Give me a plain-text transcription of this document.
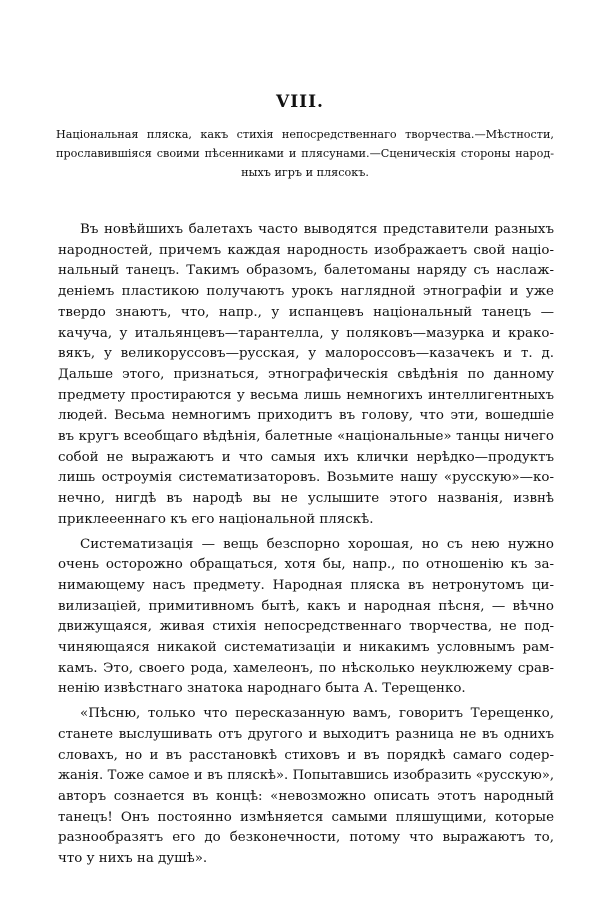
VIII.
Національная пляска, какъ стихія непосредственнаго творчества.—Мѣстности,
прославившіяся своими пѣсенниками и плясунами.—Сценическія стороны народ-
ныхъ игръ и плясокъ.
Въ новѣйшихъ балетахъ часто выводятся представители разныхъ
народностей, причемъ каждая народность изображаетъ свой нацio-
нальный танецъ. Такимъ образомъ, балетоманы наряду съ наслаж-
деніемъ пластикою получаютъ урокъ наглядной этнографіи и уже
твердо знаютъ, что, напр., у испанцевъ національный танецъ —
качуча, у итальянцевъ—тарантелла, у поляковъ—мазурка и крако-
вякъ, у великоруссовъ—русская, у малороссовъ—казачекъ и т. д.
Дальше этого, признаться, этнографическія свѣдѣнія по данному
предмету простираются у весьма лишь немногихъ интеллигентныхъ
людей. Весьма немногимъ приходитъ въ голову, что эти, вошедшіе
въ кругъ всеобщаго вѣдѣнія, балетные «національные» танцы ничего
собой не выражаютъ и что самыя ихъ клички нерѣдко—продуктъ
лишь остроумія систематизаторовъ. Возьмите нашу «русскую»—ко-
нечно, нигдѣ въ народѣ вы не услышите этого названія, извнѣ
приклеееннаго къ его національной пляскѣ.
Систематизація — вещь безспорно хорошая, но съ нею нужно
очень осторожно обращаться, хотя бы, напр., по отношенію къ за-
нимающему насъ предмету. Народная пляска въ нетронутомъ ци-
вилизацiей, примитивномъ бытѣ, какъ и народная пѣсня, — вѣчно
движущаяся, живая стихія непосредственнаго творчества, не под-
чиняющаяся никакой систематизаціи и никакимъ условнымъ рам-
камъ. Это, своего рода, хамелеонъ, по нѣсколько неуклюжему срав-
ненію извѣстнаго знатока народнаго быта А. Терещенко.
«Пѣсню, только что пересказанную вамъ, говоритъ Терещенко,
станете выслушивать отъ другого и выходитъ разница не въ однихъ
словахъ, но и въ расстановкѣ стиховъ и въ порядкѣ самаго содер-
жанія. Тоже самое и въ пляскѣ». Попытавшись изобразить «русскую»,
авторъ сознается въ концѣ: «невозможно описать этотъ народный
танецъ! Онъ постоянно измѣняется самыми пляшущими, которые
разнообразятъ его до безконечности, потому что выражаютъ то,
что у нихъ на душѣ».
